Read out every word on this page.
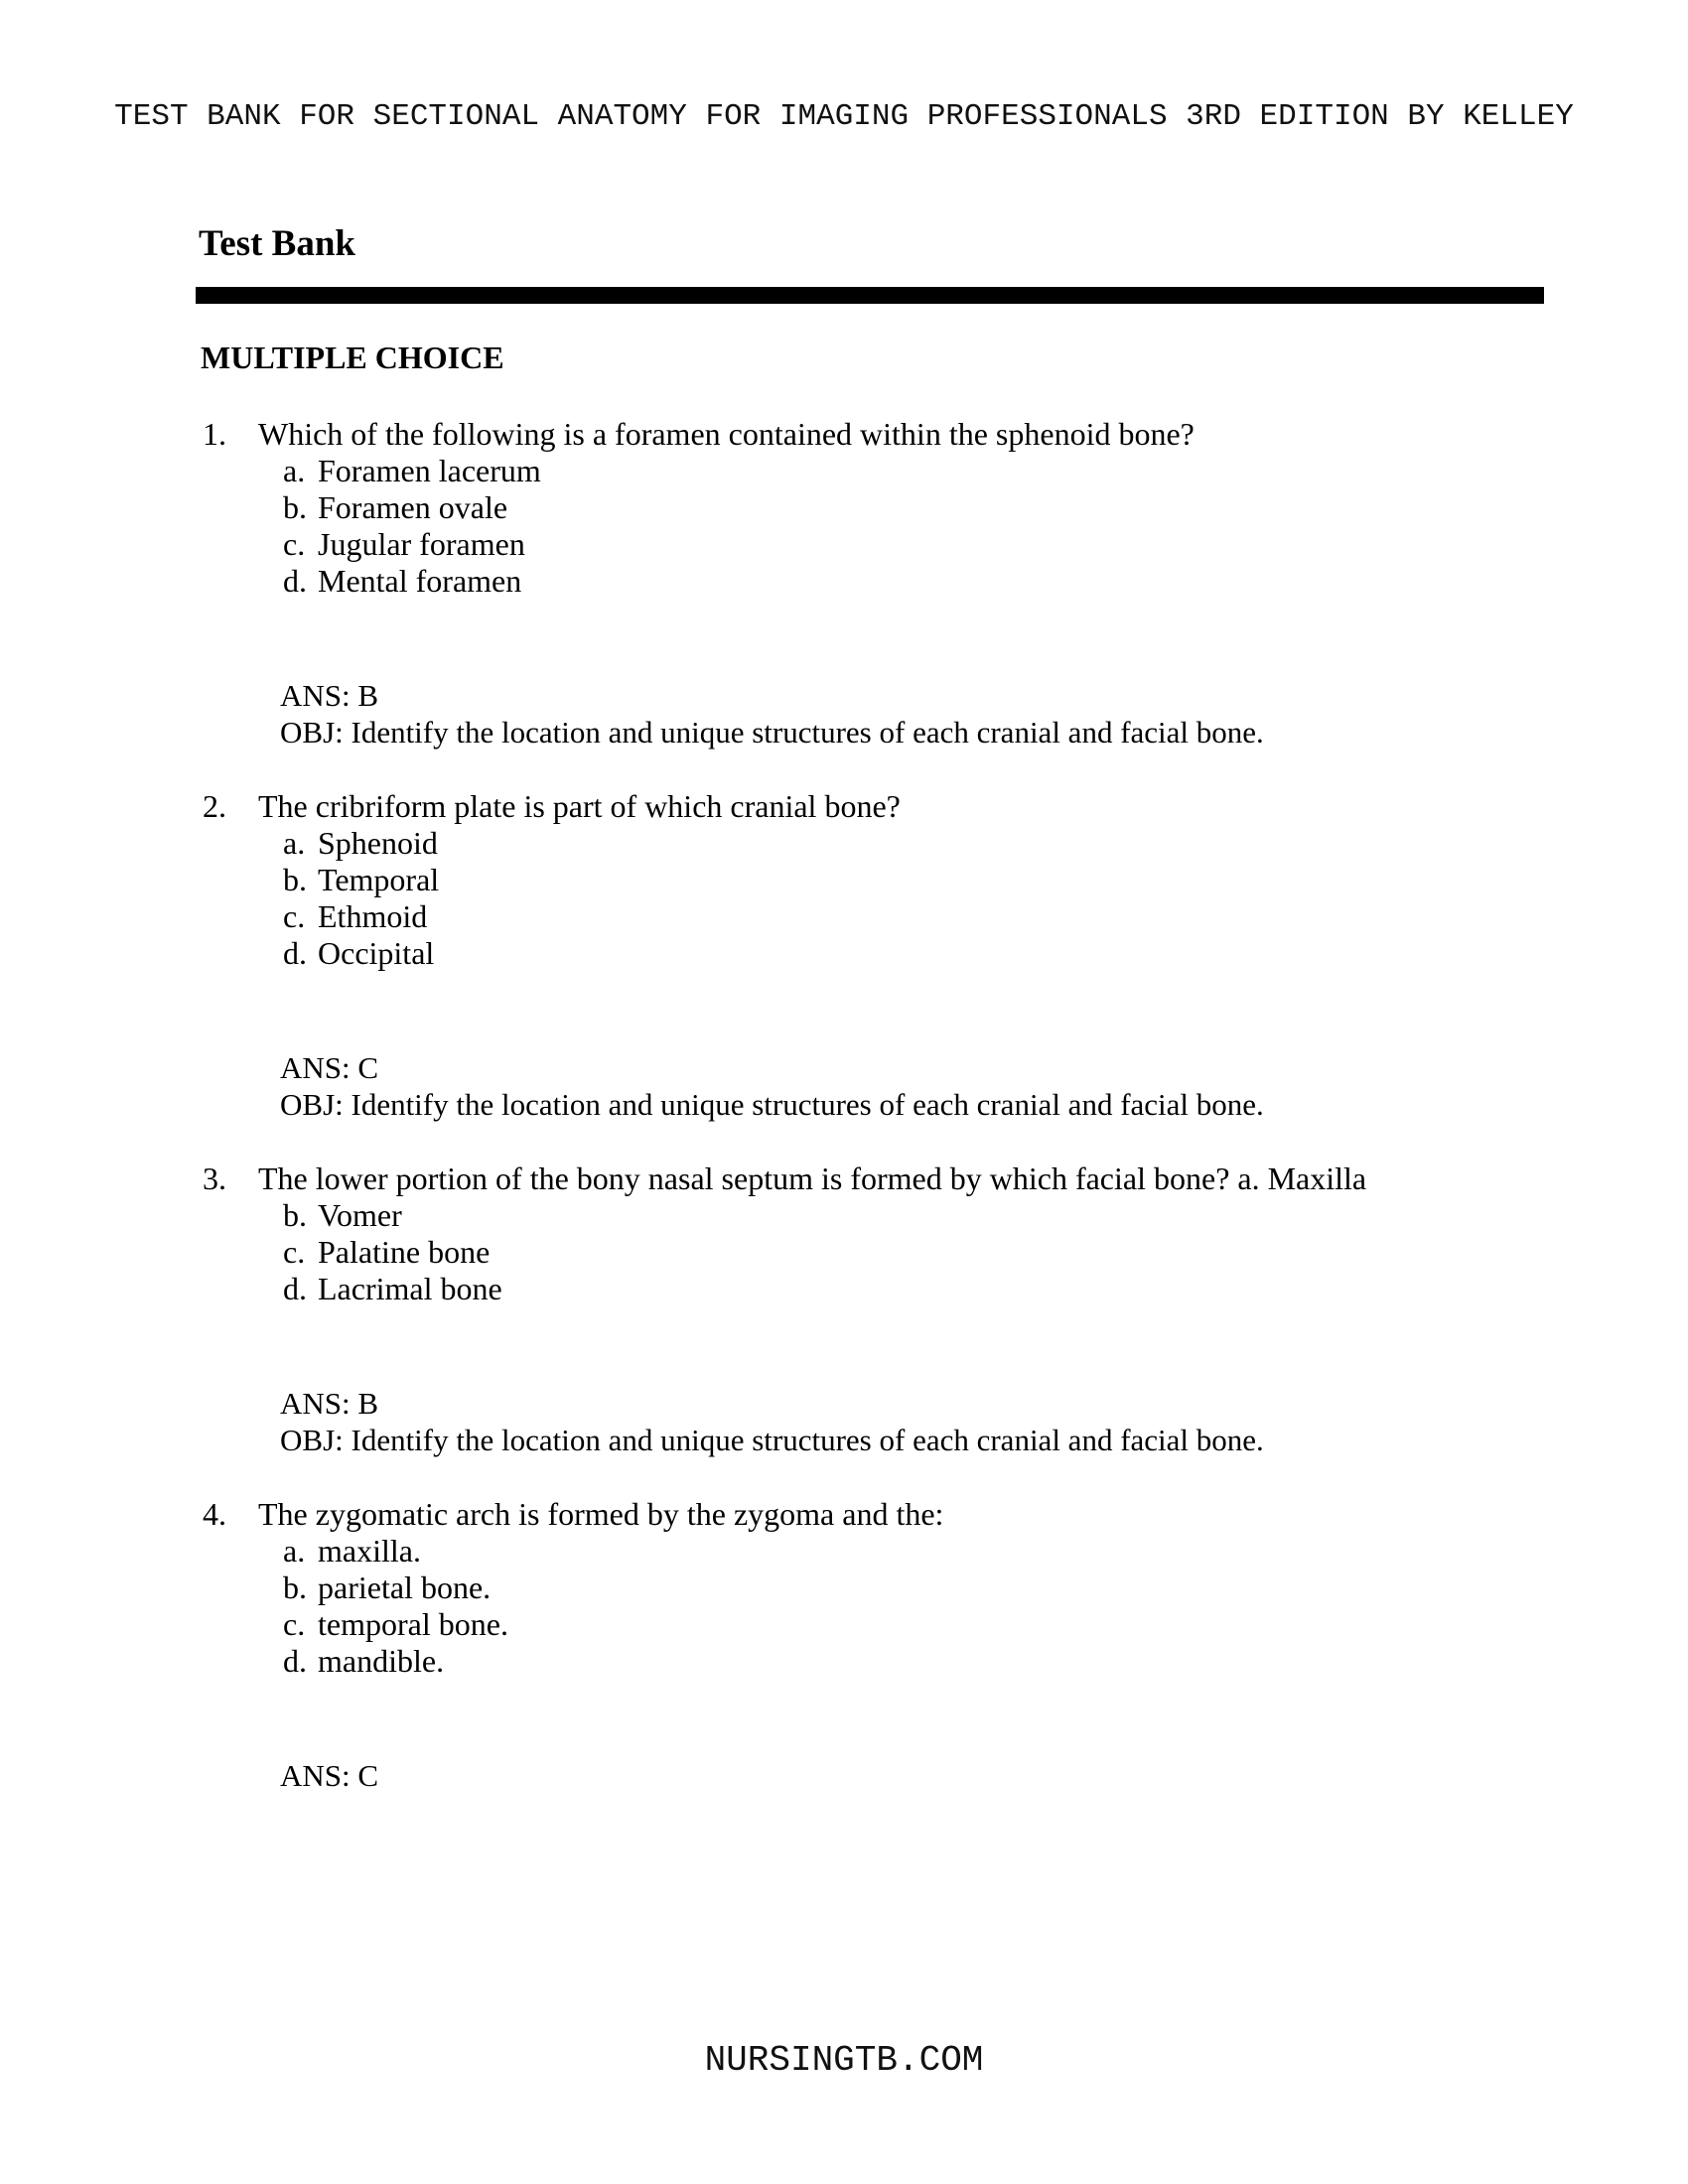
TEST BANK FOR SECTIONAL ANATOMY FOR IMAGING PROFESSIONALS 3RD EDITION BY KELLEY
Test Bank
MULTIPLE CHOICE
1.	Which of the following is a foramen contained within the sphenoid bone?
a. Foramen lacerum
b. Foramen ovale
c. Jugular foramen
d. Mental foramen
ANS: B
OBJ: Identify the location and unique structures of each cranial and facial bone.
2.	The cribriform plate is part of which cranial bone?
a. Sphenoid
b. Temporal
c. Ethmoid
d. Occipital
ANS: C
OBJ: Identify the location and unique structures of each cranial and facial bone.
3.	The lower portion of the bony nasal septum is formed by which facial bone? a. Maxilla
b. Vomer
c. Palatine bone
d. Lacrimal bone
ANS: B
OBJ: Identify the location and unique structures of each cranial and facial bone.
4.	The zygomatic arch is formed by the zygoma and the:
a. maxilla.
b. parietal bone.
c. temporal bone.
d. mandible.
ANS: C
NURSINGTB.COM
